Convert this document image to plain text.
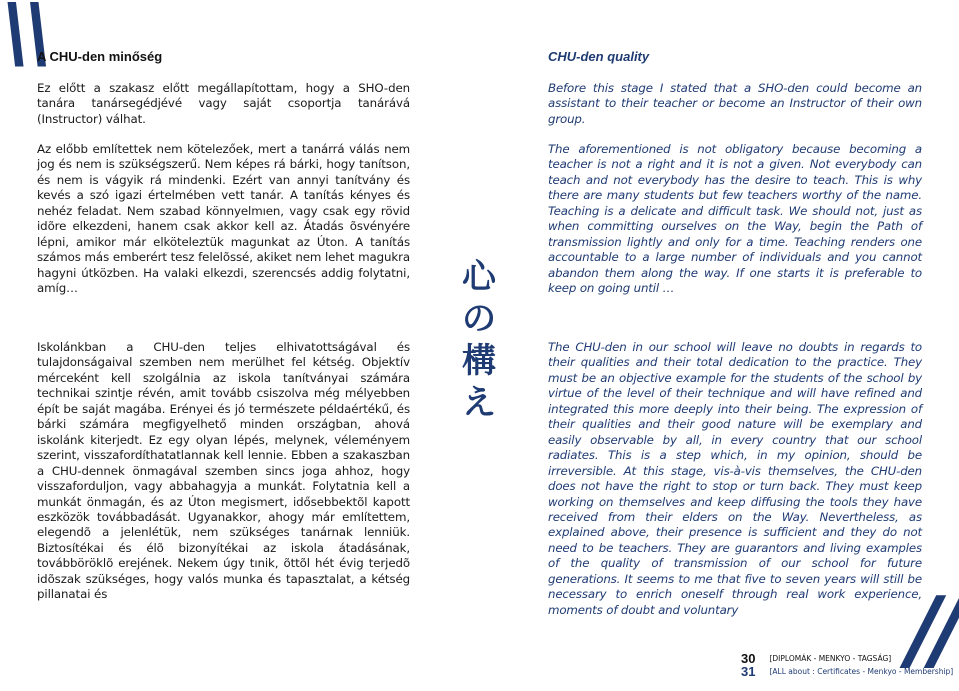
\\
A CHU-den minőség

Ez előtt a szakasz előtt megállapítottam, hogy a SHO-den tanára tanársegédjévé vagy saját csoportja tanárává (Instructor) válhat.

Az előbb említettek nem kötelezőek, mert a tanárrá válás nem jog és nem is szükségszerű. Nem képes rá bárki, hogy tanítson, és nem is vágyik rá mindenki. Ezért van annyi tanítvány és kevés a szó igazi értelmében vett tanár. A tanítás kényes és nehéz feladat. Nem szabad könnyelmıen, vagy csak egy rövid idõre elkezdeni, hanem csak akkor kell az. Átadás õsvényére lépni, amikor már elköteleztük magunkat az Úton. A tanítás számos más emberért tesz felelõssé, akiket nem lehet magukra hagyni útközben. Ha valaki elkezdi, szerencsés addig folytatni, amíg…

Iskolánkban a CHU-den teljes elhivatottságával és tulajdonságaival szemben nem merülhet fel kétség. Objektív mérceként kell szolgálnia az iskola tanítványai számára technikai szintje révén, amit tovább csiszolva még mélyebben épít be saját magába. Erényei és jó természete példaértékű, és bárki számára megfigyelhető minden országban, ahová iskolánk kiterjedt. Ez egy olyan lépés, melynek, véleményem szerint, visszafordíthatatlannak kell lennie. Ebben a szakaszban a CHU-dennek önmagával szemben sincs joga ahhoz, hogy visszaforduljon, vagy abbahagyja a munkát. Folytatnia kell a munkát önmagán, és az Úton megismert, idősebbektõl kapott eszközök továbbadását. Ugyanakkor, ahogy már említettem, elegendõ a jelenlétük, nem szükséges tanárnak lenniük. Biztosítékai és élõ bizonyítékai az iskola átadásának, továbböröklõ erejének. Nekem úgy tınik, õttõl hét évig terjedõ idõszak szükséges, hogy valós munka és tapasztalat, a kétség pillanatai és

心
の
構
え
CHU-den quality

Before this stage I stated that a SHO-den could become an assistant to their teacher or become an Instructor of their own group.

The aforementioned is not obligatory because becoming a teacher is not a right and it is not a given. Not everybody can teach and not everybody has the desire to teach. This is why there are many students but few teachers worthy of the name. Teaching is a delicate and difficult task. We should not, just as when committing ourselves on the Way, begin the Path of transmission lightly and only for a time. Teaching renders one accountable to a large number of individuals and you cannot abandon them along the way. If one starts it is preferable to keep on going until …

The CHU-den in our school will leave no doubts in regards to their qualities and their total dedication to the practice. They must be an objective example for the students of the school by virtue of the level of their technique and will have refined and integrated this more deeply into their being. The expression of their qualities and their good nature will be exemplary and easily observable by all, in every country that our school radiates. This is a step which, in my opinion, should be irreversible. At this stage, vis-à-vis themselves, the CHU-den does not have the right to stop or turn back. They must keep working on themselves and keep diffusing the tools they have received from their elders on the Way. Nevertheless, as explained above, their presence is sufficient and they do not need to be teachers. They are guarantors and living examples of the quality of transmission of our school for future generations. It seems to me that five to seven years will still be necessary to enrich oneself through real work experience, moments of doubt and voluntary	//
30
31
[DIPLOMÁK - MENKYO - TAGSÁG]
[ALL about : Certificates - Menkyo - Membership]
